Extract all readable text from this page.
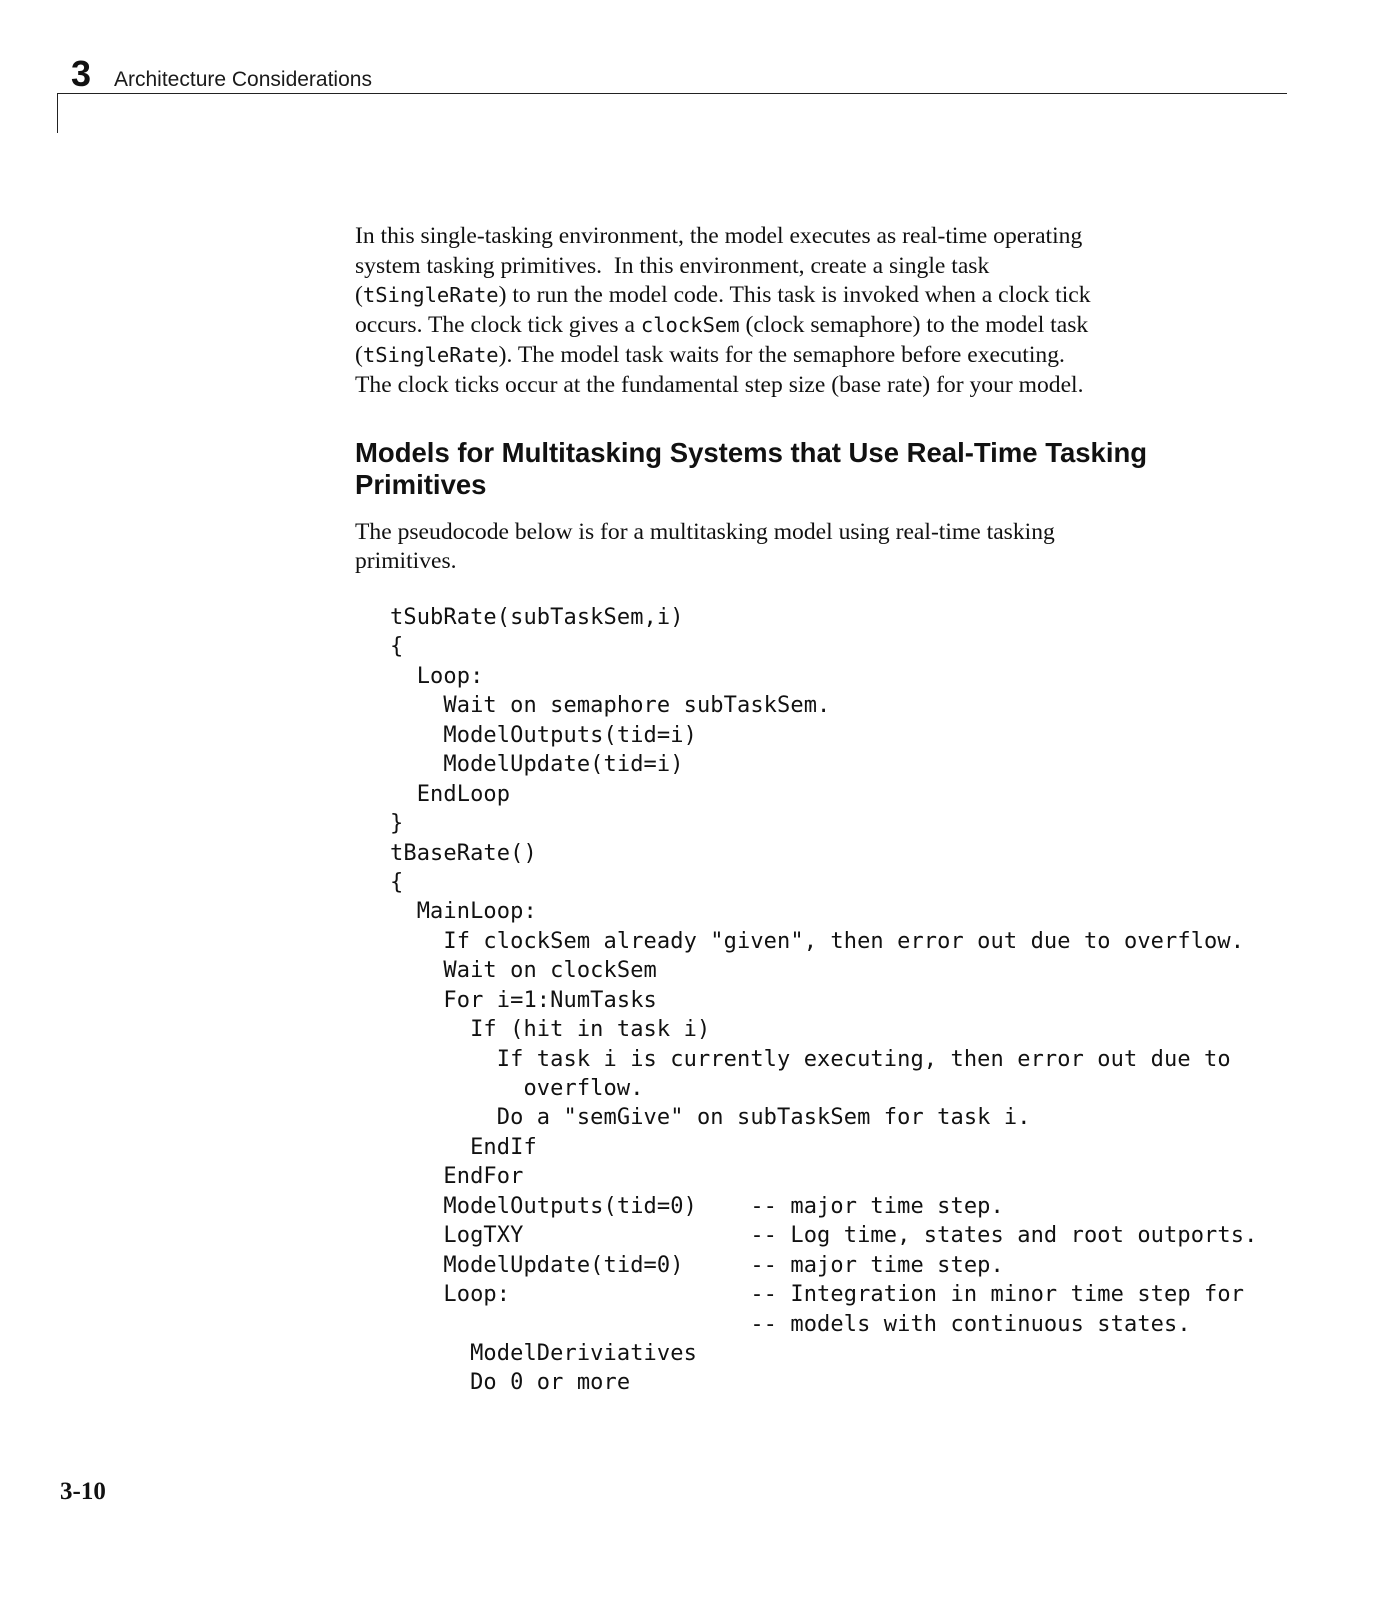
3 Architecture Considerations
In this single-tasking environment, the model executes as real-time operating
system tasking primitives.  In this environment, create a single task
(tSingleRate) to run the model code. This task is invoked when a clock tick
occurs. The clock tick gives a clockSem (clock semaphore) to the model task
(tSingleRate). The model task waits for the semaphore before executing.
The clock ticks occur at the fundamental step size (base rate) for your model.
Models for Multitasking Systems that Use Real-Time Tasking
Primitives
The pseudocode below is for a multitasking model using real-time tasking
primitives.
tSubRate(subTaskSem,i)
{
Loop:
Wait on semaphore subTaskSem.
ModelOutputs(tid=i)
ModelUpdate(tid=i)
EndLoop
}
tBaseRate()
{
MainLoop:
If clockSem already "given", then error out due to overflow.
Wait on clockSem
For i=1:NumTasks
If (hit in task i)
If task i is currently executing, then error out due to
overflow.
Do a "semGive" on subTaskSem for task i.
EndIf
EndFor
ModelOutputs(tid=0)    -- major time step.
LogTXY                 -- Log time, states and root outports.
ModelUpdate(tid=0)     -- major time step.
Loop:                  -- Integration in minor time step for
-- models with continuous states.
ModelDeriviatives
Do 0 or more
3-10
